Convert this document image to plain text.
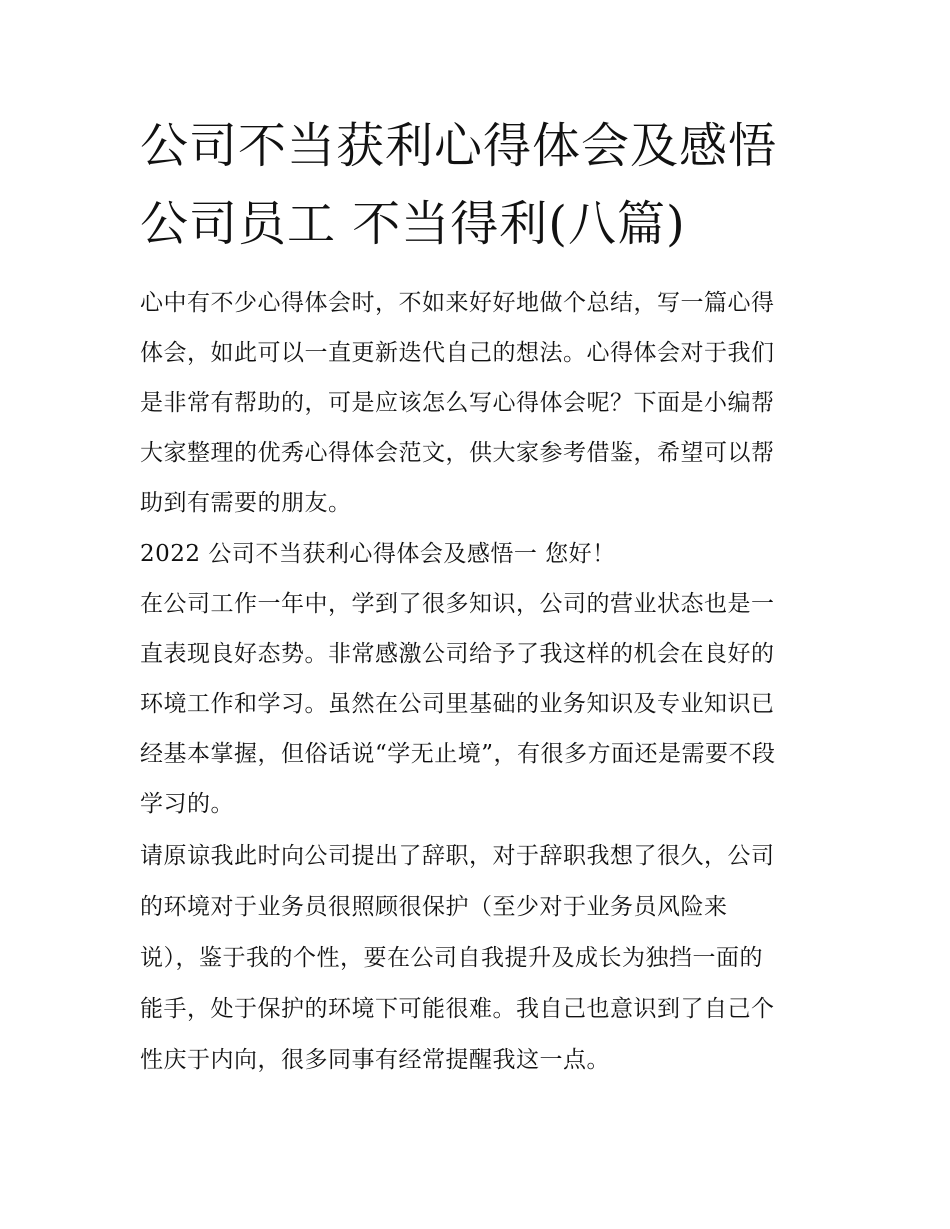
公司不当获利心得体会及感悟
公司员工 不当得利(八篇)
心中有不少心得体会时，不如来好好地做个总结，写一篇心得
体会，如此可以一直更新迭代自己的想法。心得体会对于我们
是非常有帮助的，可是应该怎么写心得体会呢？下面是小编帮
大家整理的优秀心得体会范文，供大家参考借鉴，希望可以帮
助到有需要的朋友。
2022 公司不当获利心得体会及感悟一 您好！
在公司工作一年中，学到了很多知识，公司的营业状态也是一
直表现良好态势。非常感激公司给予了我这样的机会在良好的
环境工作和学习。虽然在公司里基础的业务知识及专业知识已
经基本掌握，但俗话说“学无止境”，有很多方面还是需要不段
学习的。
请原谅我此时向公司提出了辞职，对于辞职我想了很久，公司
的环境对于业务员很照顾很保护（至少对于业务员风险来
说），鉴于我的个性，要在公司自我提升及成长为独挡一面的
能手，处于保护的环境下可能很难。我自己也意识到了自己个
性庆于内向，很多同事有经常提醒我这一点。
